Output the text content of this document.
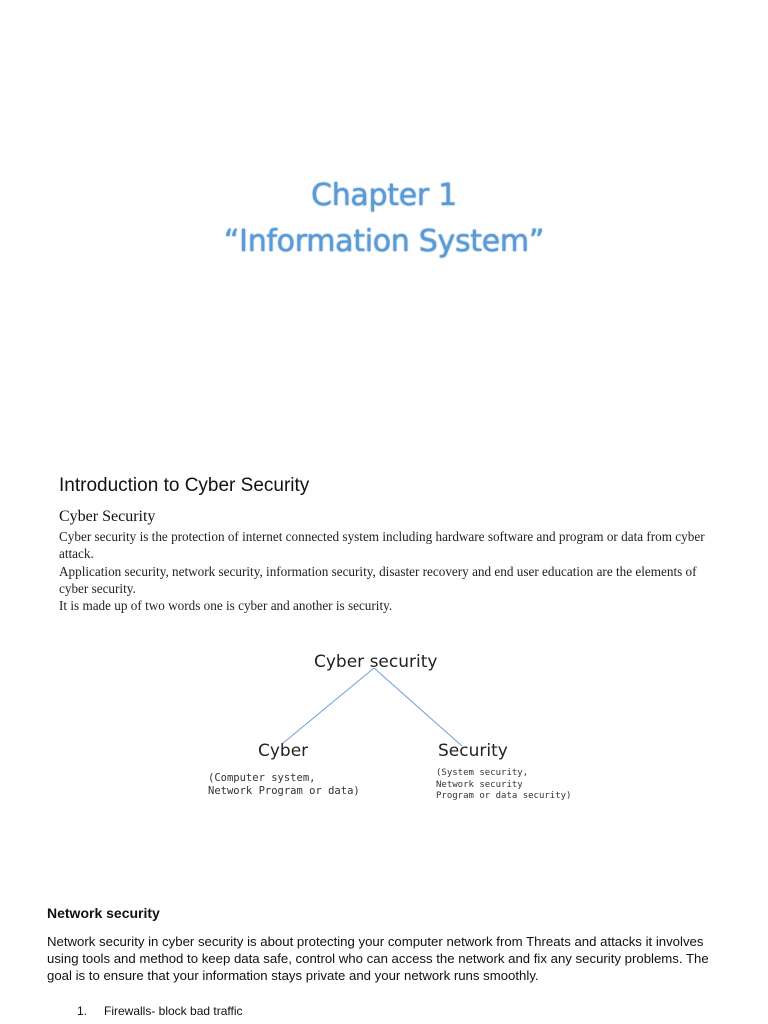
Chapter 1
“Information System”
Introduction to Cyber Security
Cyber Security

Cyber security is the protection of internet connected system including hardware software and program or data from cyber attack.

Application security, network security, information security, disaster recovery and end user education are the elements of cyber security.

It is made up of two words one is cyber and another is security.

Cyber security
Cyber	Security
(Computer system,
Network Program or data)
(System security,
Network security
Program or data security)
Network security

Network security in cyber security is about protecting your computer network from Threats and attacks it involves using tools and method to keep data safe, control who can access the network and fix any security problems. The goal is to ensure that your information stays private and your network runs smoothly.

1. Firewalls- block bad traffic
